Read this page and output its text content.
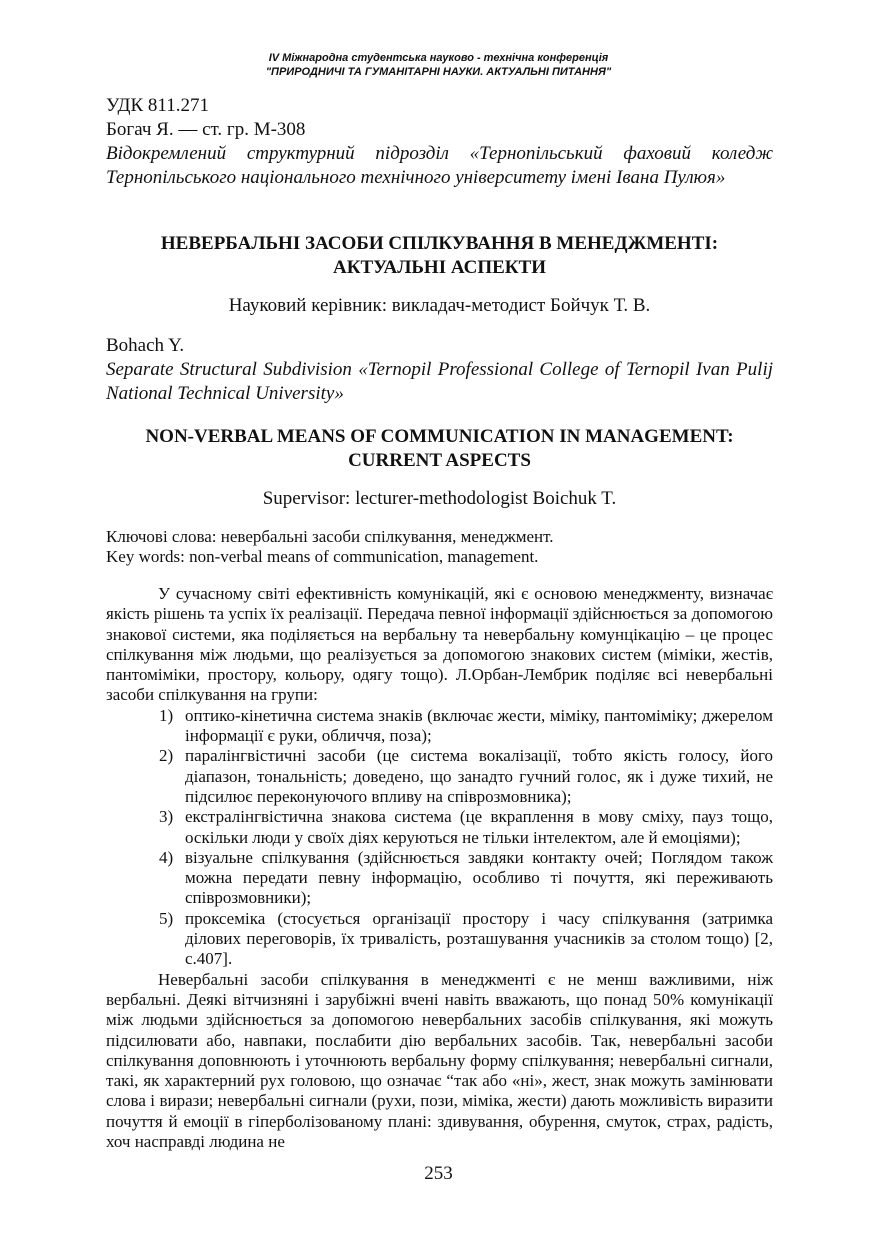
IV Міжнародна студентська науково - технічна конференція
"ПРИРОДНИЧІ ТА ГУМАНІТАРНІ НАУКИ. АКТУАЛЬНІ ПИТАННЯ"
УДК 811.271
Богач Я. — ст. гр. М-308
Відокремлений структурний підрозділ «Тернопільський фаховий коледж Тернопільського національного технічного університету імені Івана Пулюя»
НЕВЕРБАЛЬНІ ЗАСОБИ СПІЛКУВАННЯ В МЕНЕДЖМЕНТІ:
АКТУАЛЬНІ АСПЕКТИ
Науковий керівник: викладач-методист Бойчук Т. В.
Bohach Y.
Separate Structural Subdivision «Ternopil Professional College of Ternopil Ivan Pulij National Technical University»
NON-VERBAL MEANS OF COMMUNICATION IN MANAGEMENT:
CURRENT ASPECTS
Supervisor: lecturer-methodologist Boichuk T.

Ключові слова: невербальні засоби спілкування, менеджмент.

Key words: non-verbal means of communication, management.

У сучасному світі ефективність комунікацій, які є основою менеджменту, визначає якість рішень та успіх їх реалізації. Передача певної інформації здійснюється за допомогою знакової системи, яка поділяється на вербальну та невербальну комунцікацію – це процес спілкування між людьми, що реалізується за допомогою знакових систем (міміки, жестів, пантоміміки, простору, кольору, одягу тощо). Л.Орбан-Лембрик поділяє всі невербальні засоби спілкування на групи:

1) оптико-кінетична система знаків (включає жести, міміку, пантоміміку; джерелом інформації є руки, обличчя, поза);
2) паралінгвістичні засоби (це система вокалізації, тобто якість голосу, його діапазон, тональність; доведено, що занадто гучний голос, як і дуже тихий, не підсилює переконуючого впливу на співрозмовника);
3) екстралінгвістична знакова система (це вкраплення в мову сміху, пауз тощо, оскільки люди у своїх діях керуються не тільки інтелектом, але й емоціями);
4) візуальне спілкування (здійснюється завдяки контакту очей; Поглядом також можна передати певну інформацію, особливо ті почуття, які переживають співрозмовники);
5) проксеміка (стосується організації простору і часу спілкування (затримка ділових переговорів, їх тривалість, розташування учасників за столом тощо) [2, с.407].

Невербальні засоби спілкування в менеджменті є не менш важливими, ніж вербальні. Деякі вітчизняні і зарубіжні вчені навіть вважають, що понад 50% комунікації між людьми здійснюється за допомогою невербальних засобів спілкування, які можуть підсилювати або, навпаки, послабити дію вербальних засобів. Так, невербальні засоби спілкування доповнюють і уточнюють вербальну форму спілкування; невербальні сигнали, такі, як характерний рух головою, що означає “так або «ні», жест, знак можуть замінювати слова і вирази; невербальні сигнали (рухи, пози, міміка, жести) дають можливість виразити почуття й емоції в гіперболізованому плані: здивування, обурення, смуток, страх, радість, хоч насправді людина не

253
